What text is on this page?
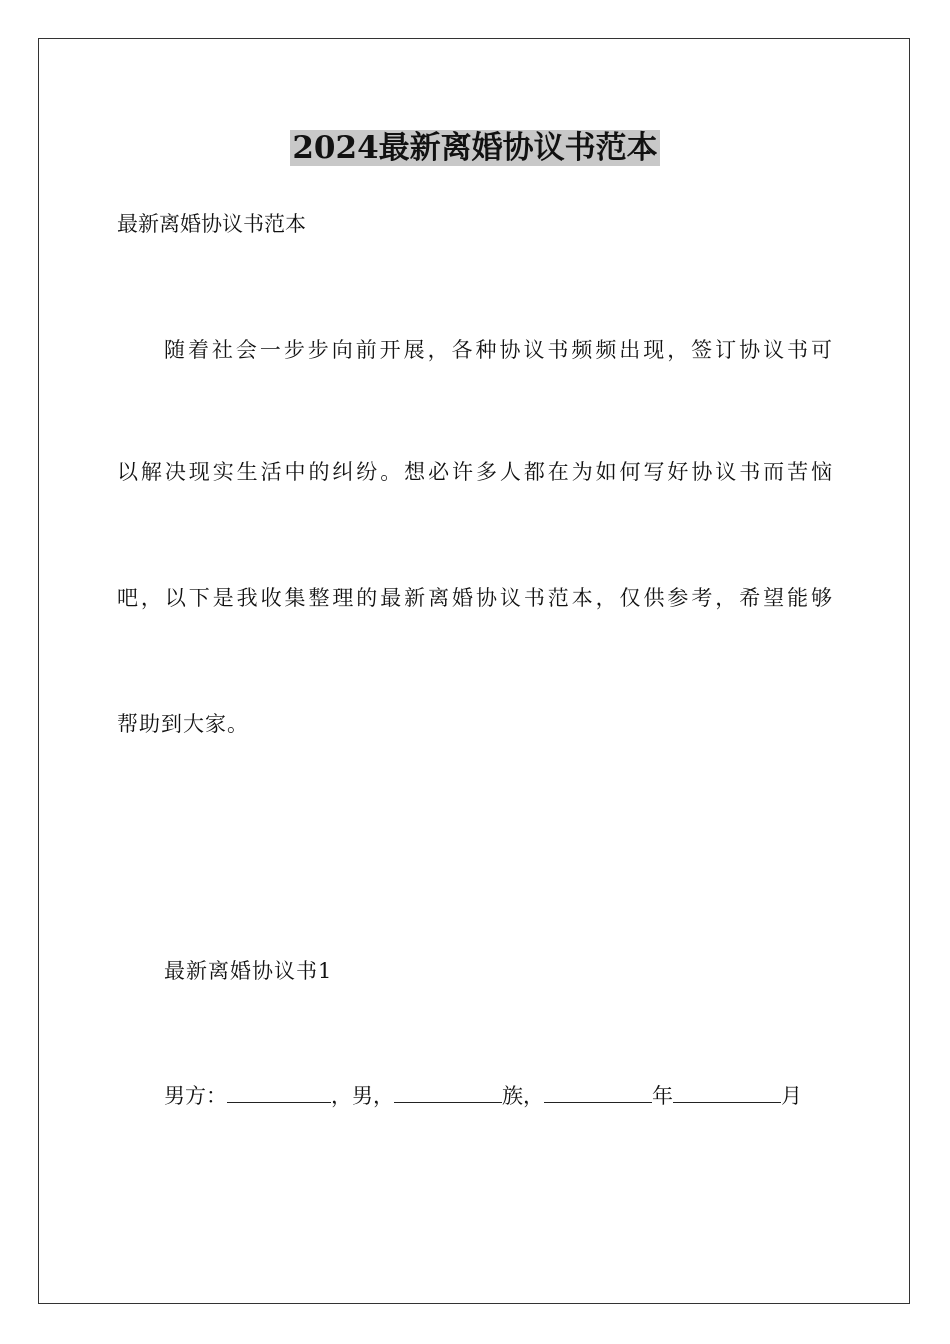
2024最新离婚协议书范本
最新离婚协议书范本
随着社会一步步向前开展，各种协议书频频出现，签订协议书可
以解决现实生活中的纠纷。想必许多人都在为如何写好协议书而苦恼
吧，以下是我收集整理的最新离婚协议书范本，仅供参考，希望能够
帮助到大家。
最新离婚协议书1
男方：	，男，	族，	年	月
